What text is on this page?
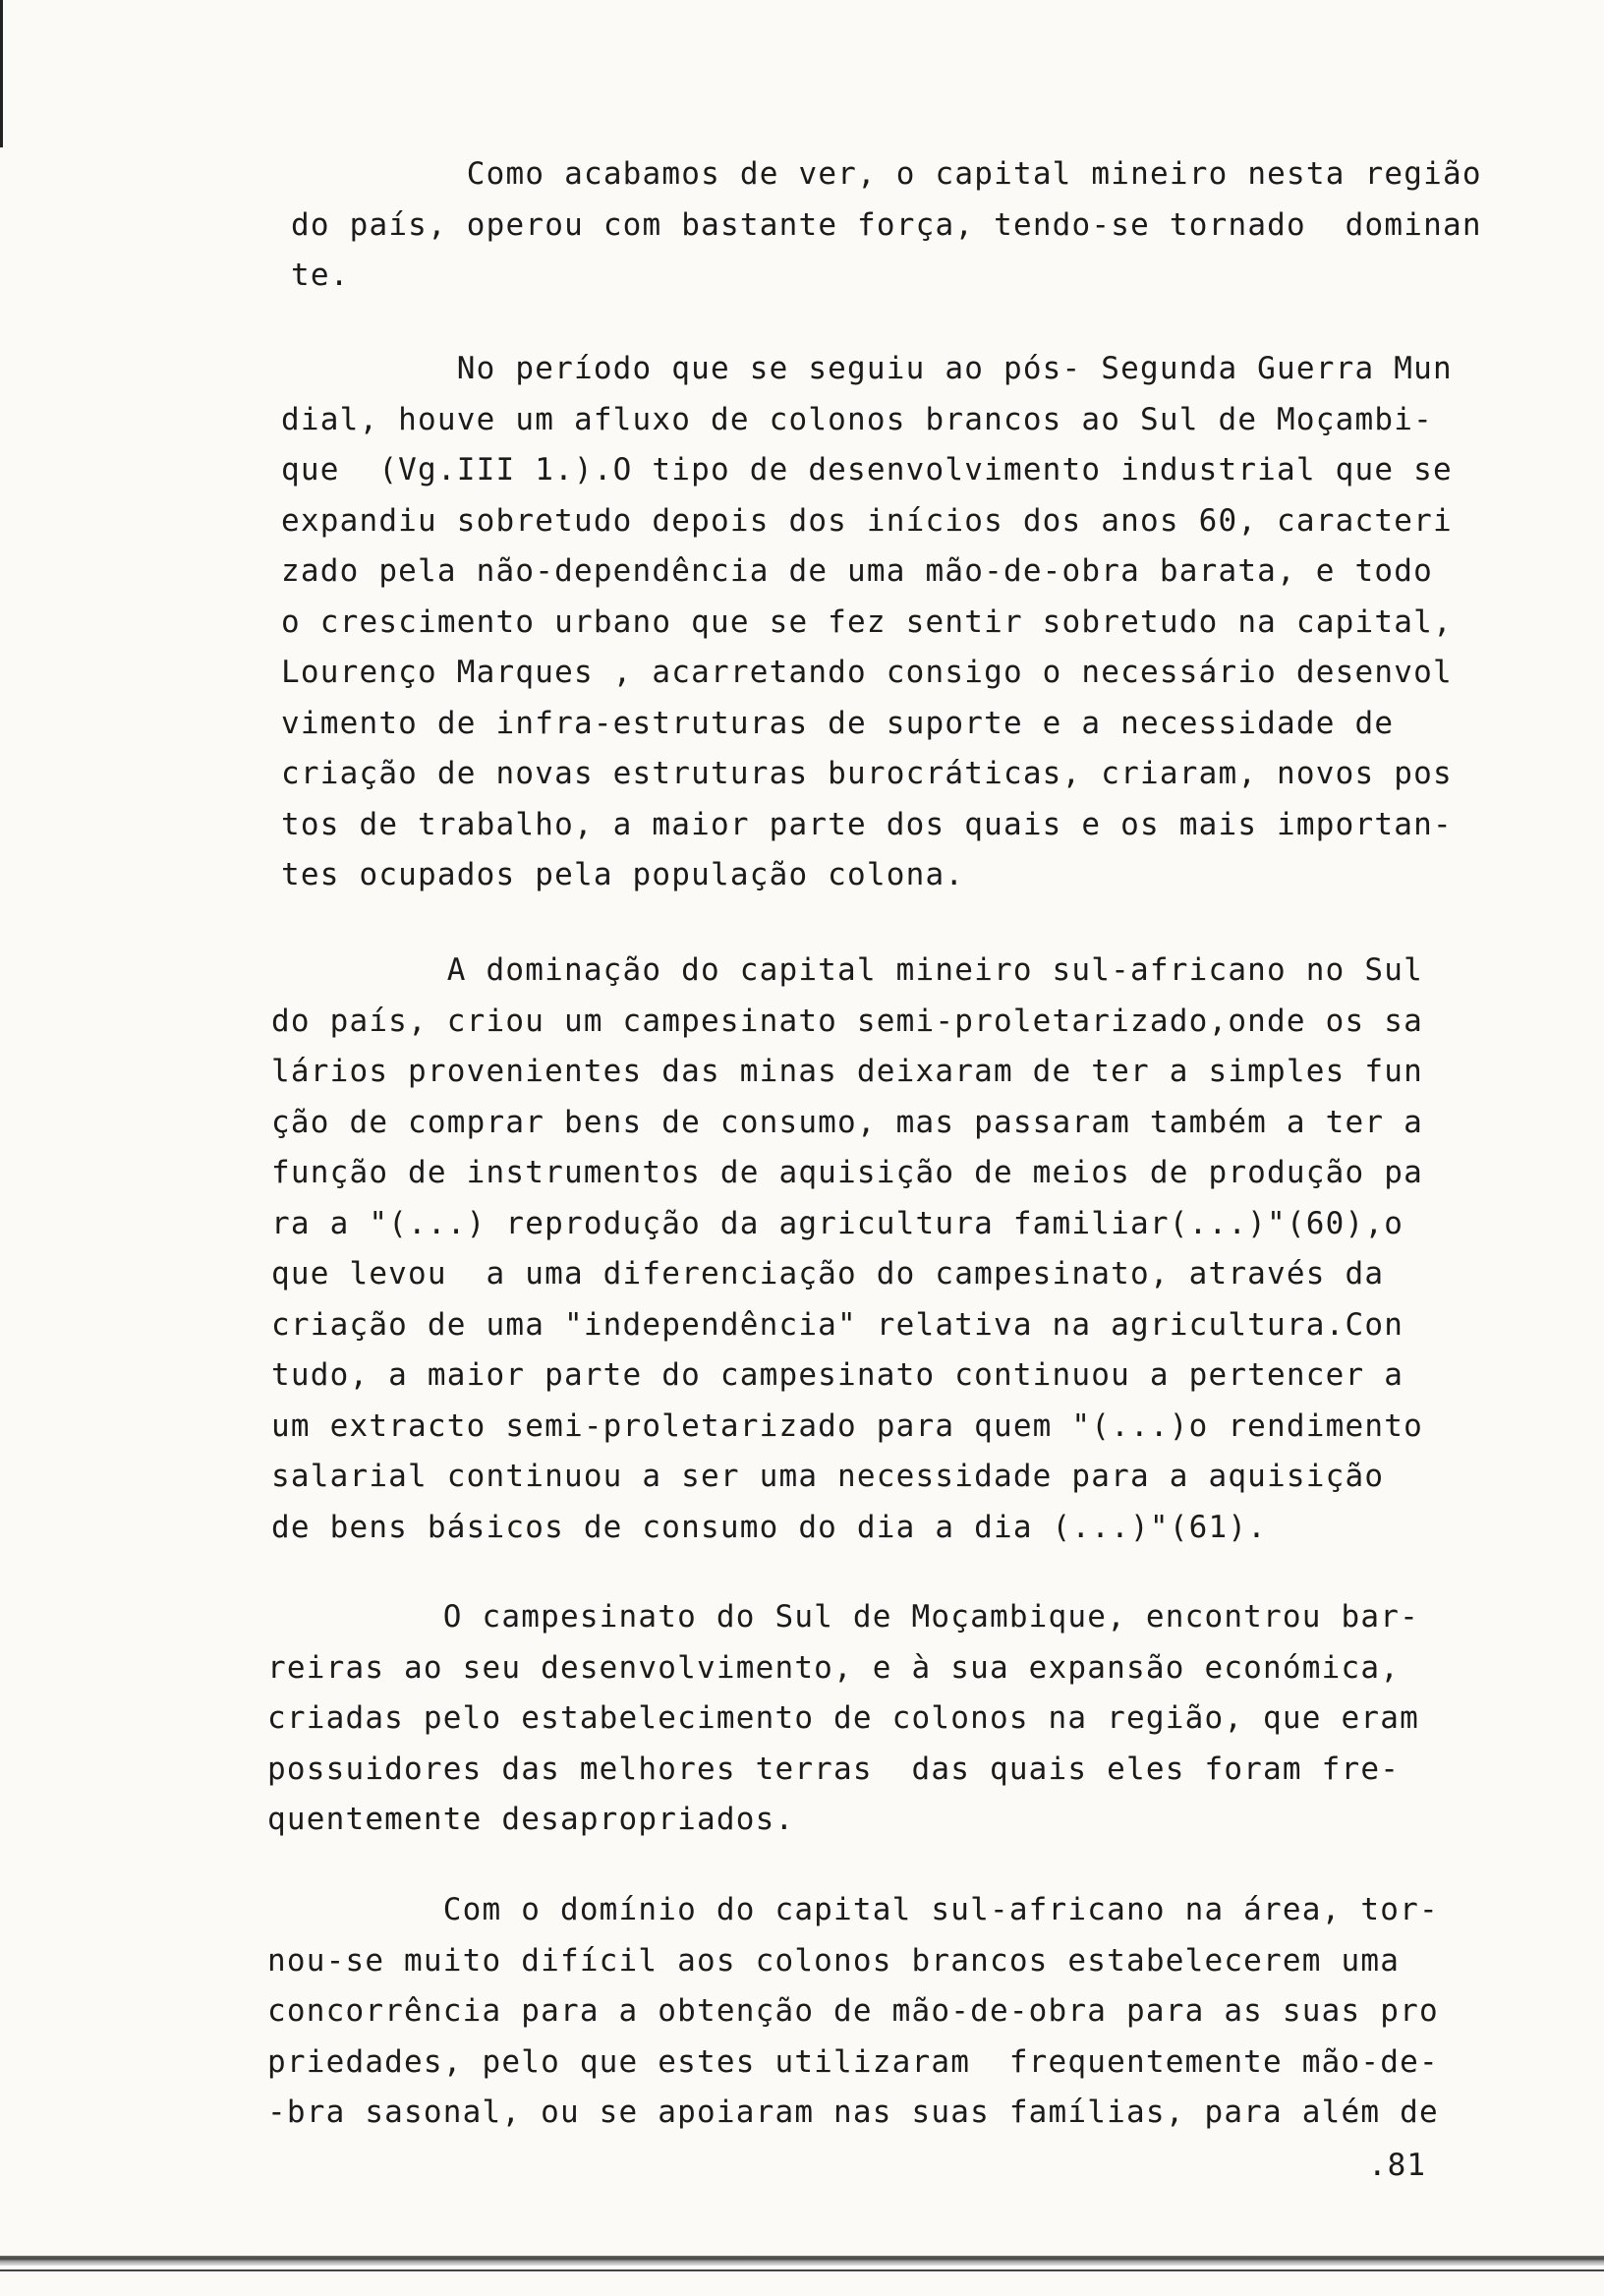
Como acabamos de ver, o capital mineiro nesta região
do país, operou com bastante força, tendo-se tornado  dominan
te.
No período que se seguiu ao pós- Segunda Guerra Mun
dial, houve um afluxo de colonos brancos ao Sul de Moçambi-
que  (Vg.III 1.).O tipo de desenvolvimento industrial que se
expandiu sobretudo depois dos inícios dos anos 60, caracteri
zado pela não-dependência de uma mão-de-obra barata, e todo
o crescimento urbano que se fez sentir sobretudo na capital,
Lourenço Marques , acarretando consigo o necessário desenvol
vimento de infra-estruturas de suporte e a necessidade de
criação de novas estruturas burocráticas, criaram, novos pos
tos de trabalho, a maior parte dos quais e os mais importan-
tes ocupados pela população colona.
A dominação do capital mineiro sul-africano no Sul
do país, criou um campesinato semi-proletarizado,onde os sa
lários provenientes das minas deixaram de ter a simples fun
ção de comprar bens de consumo, mas passaram também a ter a
função de instrumentos de aquisição de meios de produção pa
ra a "(...) reprodução da agricultura familiar(...)"(60),o
que levou  a uma diferenciação do campesinato, através da
criação de uma "independência" relativa na agricultura.Con
tudo, a maior parte do campesinato continuou a pertencer a
um extracto semi-proletarizado para quem "(...)o rendimento
salarial continuou a ser uma necessidade para a aquisição
de bens básicos de consumo do dia a dia (...)"(61).
O campesinato do Sul de Moçambique, encontrou bar-
reiras ao seu desenvolvimento, e à sua expansão económica,
criadas pelo estabelecimento de colonos na região, que eram
possuidores das melhores terras  das quais eles foram fre-
quentemente desapropriados.
Com o domínio do capital sul-africano na área, tor-
nou-se muito difícil aos colonos brancos estabelecerem uma
concorrência para a obtenção de mão-de-obra para as suas pro
priedades, pelo que estes utilizaram  frequentemente mão-de-
-bra sasonal, ou se apoiaram nas suas famílias, para além de
.81
